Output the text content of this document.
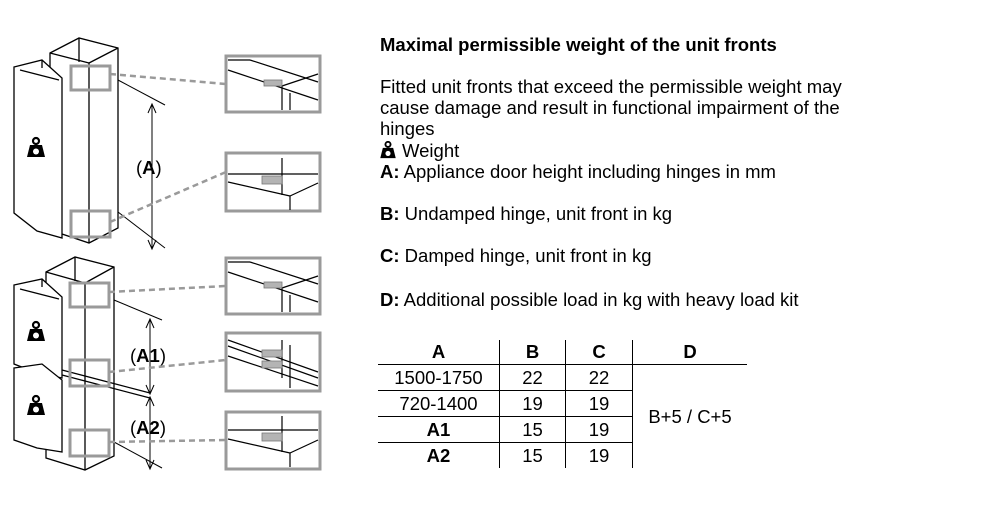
(A)
(A1)
(A2)
Maximal permissible weight of the unit fronts
Fitted unit fronts that exceed the permissible weight may
cause damage and result in functional impairment of the
hinges
Weight
A: Appliance door height including hinges in mm
B: Undamped hinge, unit front in kg
C: Damped hinge, unit front in kg
D: Additional possible load in kg with heavy load kit
A	B	C	D
1500-1750	22	22	B+5 / C+5
720-1400	19	19	
A1	15	19	
A2	15	19	
